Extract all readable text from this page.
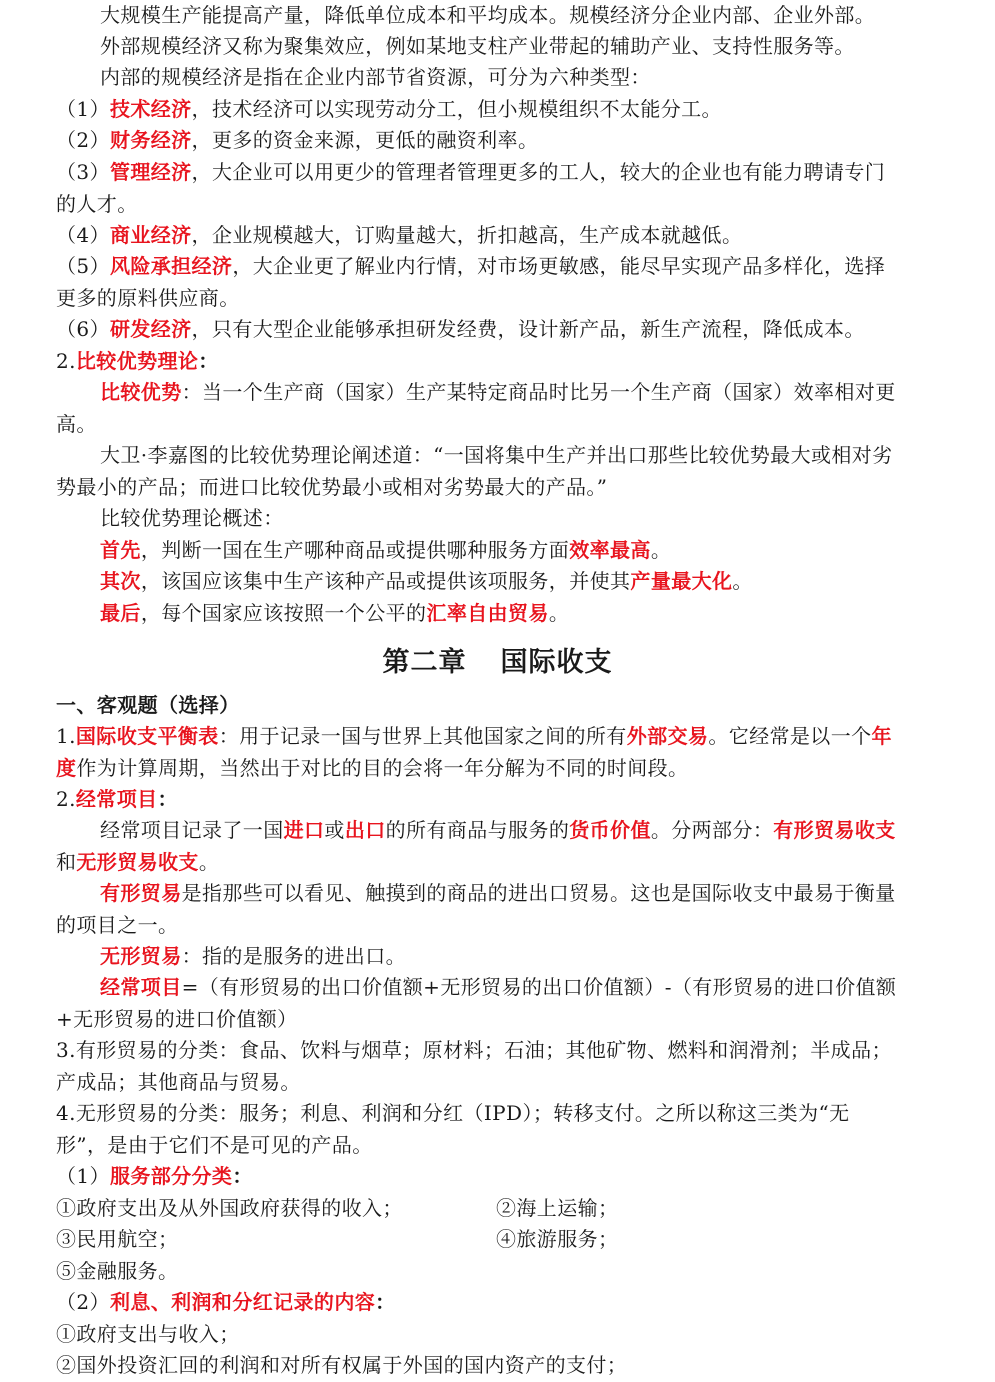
大规模生产能提高产量，降低单位成本和平均成本。规模经济分企业内部、企业外部。

外部规模经济又称为聚集效应，例如某地支柱产业带起的辅助产业、支持性服务等。

内部的规模经济是指在企业内部节省资源，可分为六种类型：

（1）技术经济，技术经济可以实现劳动分工，但小规模组织不太能分工。

（2）财务经济，更多的资金来源，更低的融资利率。

（3）管理经济，大企业可以用更少的管理者管理更多的工人，较大的企业也有能力聘请专门的人才。

（4）商业经济，企业规模越大，订购量越大，折扣越高，生产成本就越低。

（5）风险承担经济，大企业更了解业内行情，对市场更敏感，能尽早实现产品多样化，选择更多的原料供应商。

（6）研发经济，只有大型企业能够承担研发经费，设计新产品，新生产流程，降低成本。

2.比较优势理论：

比较优势：当一个生产商（国家）生产某特定商品时比另一个生产商（国家）效率相对更高。

大卫·李嘉图的比较优势理论阐述道：“一国将集中生产并出口那些比较优势最大或相对劣势最小的产品；而进口比较优势最小或相对劣势最大的产品。”

比较优势理论概述：

首先，判断一国在生产哪种商品或提供哪种服务方面效率最高。

其次，该国应该集中生产该种产品或提供该项服务，并使其产量最大化。

最后，每个国家应该按照一个公平的汇率自由贸易。

第二章 国际收支

一、客观题（选择）

1.国际收支平衡表：用于记录一国与世界上其他国家之间的所有外部交易。它经常是以一个年度作为计算周期，当然出于对比的目的会将一年分解为不同的时间段。

2.经常项目：

经常项目记录了一国进口或出口的所有商品与服务的货币价值。分两部分：有形贸易收支和无形贸易收支。

有形贸易是指那些可以看见、触摸到的商品的进出口贸易。这也是国际收支中最易于衡量的项目之一。

无形贸易：指的是服务的进出口。

经常项目=（有形贸易的出口价值额+无形贸易的出口价值额）-（有形贸易的进口价值额+无形贸易的进口价值额）

3.有形贸易的分类：食品、饮料与烟草；原材料；石油；其他矿物、燃料和润滑剂；半成品；产成品；其他商品与贸易。

4.无形贸易的分类：服务；利息、利润和分红（IPD）；转移支付。之所以称这三类为“无形”，是由于它们不是可见的产品。

（1）服务部分分类：

①政府支出及从外国政府获得的收入；	②海上运输；

③民用航空；	④旅游服务；

⑤金融服务。

（2）利息、利润和分红记录的内容：

①政府支出与收入；

②国外投资汇回的利润和对所有权属于外国的国内资产的支付；
